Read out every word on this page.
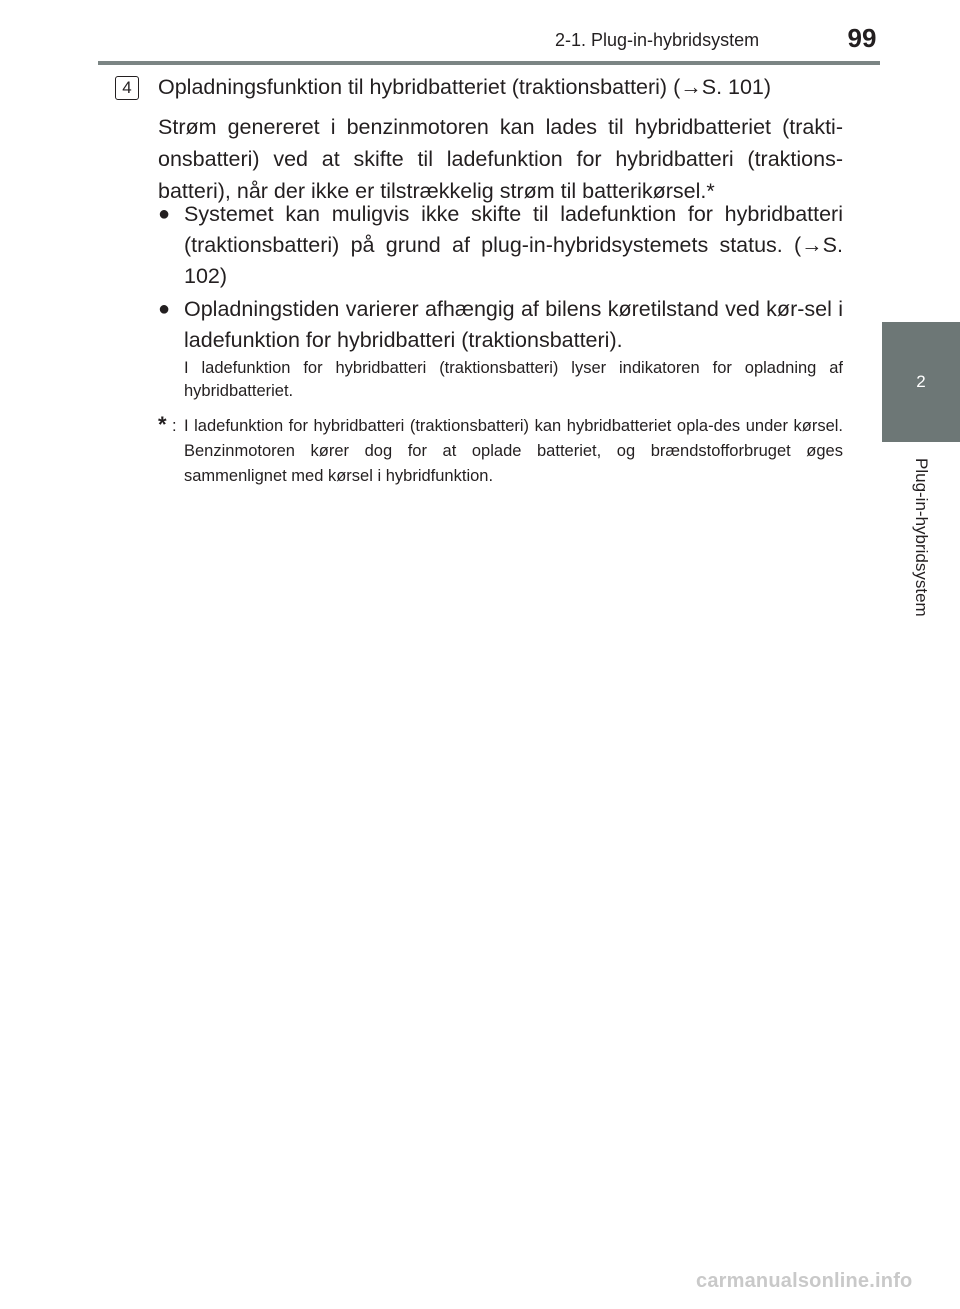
2-1. Plug-in-hybridsystem	99
2
Plug-in-hybridsystem
4	Opladningsfunktion til hybridbatteriet (traktionsbatteri) (→S. 101)
Strøm genereret i benzinmotoren kan lades til hybridbatteriet (trakti-onsbatteri) ved at skifte til ladefunktion for hybridbatteri (traktions-batteri), når der ikke er tilstrækkelig strøm til batterikørsel.*
● Systemet kan muligvis ikke skifte til ladefunktion for hybridbatteri (traktionsbatteri) på grund af plug-in-hybridsystemets status. (→S. 102)
● Opladningstiden varierer afhængig af bilens køretilstand ved kør-sel i ladefunktion for hybridbatteri (traktionsbatteri).
I ladefunktion for hybridbatteri (traktionsbatteri) lyser indikatoren for opladning af hybridbatteriet.
* : I ladefunktion for hybridbatteri (traktionsbatteri) kan hybridbatteriet opla-des under kørsel. Benzinmotoren kører dog for at oplade batteriet, og brændstofforbruget øges sammenlignet med kørsel i hybridfunktion.
carmanualsonline.info
